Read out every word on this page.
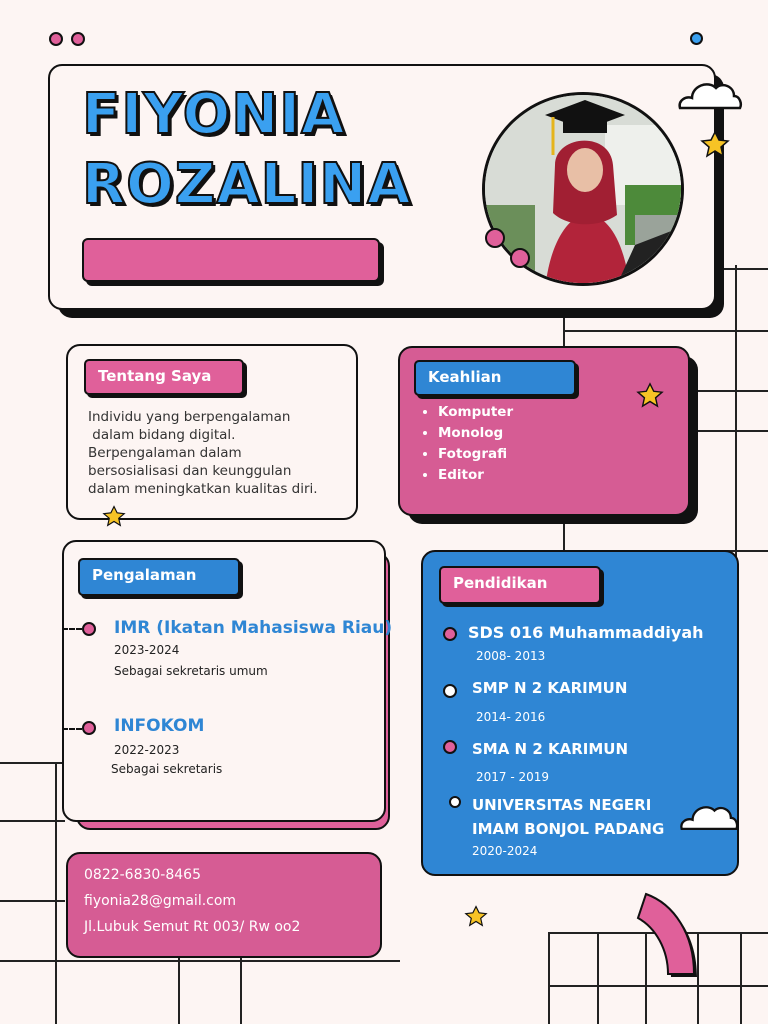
FIYONIA
ROZALINA
Tentang Saya
Individu yang berpengalaman
dalam bidang digital.
Berpengalaman dalam
bersosialisasi dan keunggulan
dalam meningkatkan kualitas diri.
Keahlian
• Komputer
• Monolog
• Fotografi
• Editor
Pengalaman
IMR (Ikatan Mahasiswa Riau)
2023-2024
Sebagai sekretaris umum
INFOKOM
2022-2023
Sebagai sekretaris
Pendidikan
SDS 016 Muhammaddiyah
2008- 2013
SMP N 2 KARIMUN
2014- 2016
SMA N 2 KARIMUN
2017 - 2019
UNIVERSITAS NEGERI
IMAM BONJOL PADANG
2020-2024
0822-6830-8465
fiyonia28@gmail.com
Jl.Lubuk Semut Rt 003/ Rw oo2
